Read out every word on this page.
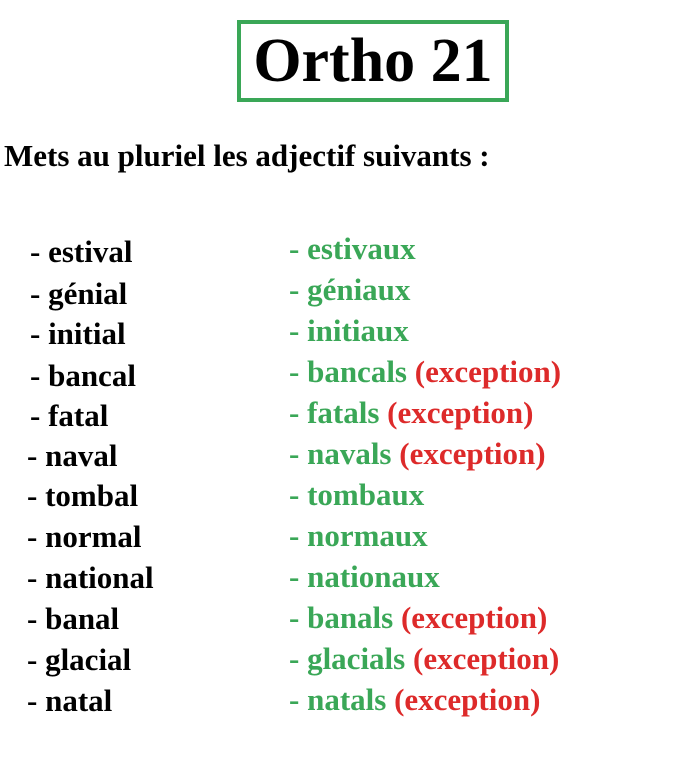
Ortho 21
Mets au pluriel les adjectif suivants :
- estival
- génial
- initial
- bancal
- fatal
- naval
- tombal
- normal
- national
- banal
- glacial
- natal
- estivaux
- géniaux
- initiaux
- bancals (exception)
- fatals (exception)
- navals (exception)
- tombaux
- normaux
- nationaux
- banals (exception)
- glacials (exception)
- natals (exception)
